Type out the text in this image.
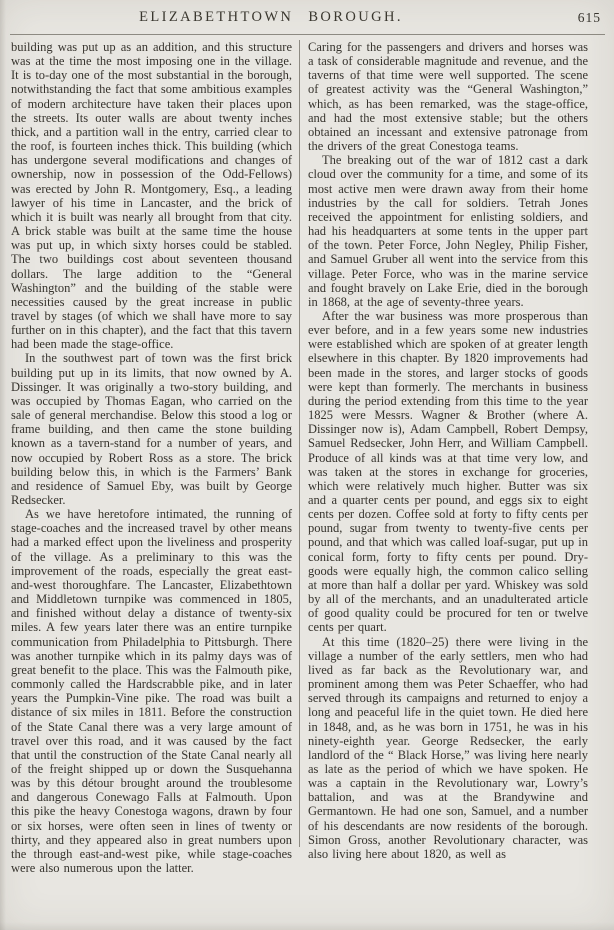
ELIZABETHTOWN BOROUGH.	615

building was put up as an addition, and this structure was at the time the most imposing one in the village. It is to-day one of the most substantial in the borough, notwithstanding the fact that some ambitious examples of modern architecture have taken their places upon the streets. Its outer walls are about twenty inches thick, and a partition wall in the entry, carried clear to the roof, is fourteen inches thick. This building (which has undergone several modifications and changes of ownership, now in possession of the Odd-Fellows) was erected by John R. Montgomery, Esq., a leading lawyer of his time in Lancaster, and the brick of which it is built was nearly all brought from that city. A brick stable was built at the same time the house was put up, in which sixty horses could be stabled. The two buildings cost about seventeen thousand dollars. The large addition to the “General Washington” and the building of the stable were necessities caused by the great increase in public travel by stages (of which we shall have more to say further on in this chapter), and the fact that this tavern had been made the stage-office.

In the southwest part of town was the first brick building put up in its limits, that now owned by A. Dissinger. It was originally a two-story building, and was occupied by Thomas Eagan, who carried on the sale of general merchandise. Below this stood a log or frame building, and then came the stone building known as a tavern-stand for a number of years, and now occupied by Robert Ross as a store. The brick building below this, in which is the Farmers’ Bank and residence of Samuel Eby, was built by George Redsecker.

As we have heretofore intimated, the running of stage-coaches and the increased travel by other means had a marked effect upon the liveliness and prosperity of the village. As a preliminary to this was the improvement of the roads, especially the great east-and-west thoroughfare. The Lancaster, Elizabethtown and Middletown turnpike was commenced in 1805, and finished without delay a distance of twenty-six miles. A few years later there was an entire turnpike communication from Philadelphia to Pittsburgh. There was another turnpike which in its palmy days was of great benefit to the place. This was the Falmouth pike, commonly called the Hardscrabble pike, and in later years the Pumpkin-Vine pike. The road was built a distance of six miles in 1811. Before the construction of the State Canal there was a very large amount of travel over this road, and it was caused by the fact that until the construction of the State Canal nearly all of the freight shipped up or down the Susquehanna was by this détour brought around the troublesome and dangerous Conewago Falls at Falmouth. Upon this pike the heavy Conestoga wagons, drawn by four or six horses, were often seen in lines of twenty or thirty, and they appeared also in great numbers upon the through east-and-west pike, while stage-coaches were also numerous upon the latter.

Caring for the passengers and drivers and horses was a task of considerable magnitude and revenue, and the taverns of that time were well supported. The scene of greatest activity was the “General Washington,” which, as has been remarked, was the stage-office, and had the most extensive stable; but the others obtained an incessant and extensive patronage from the drivers of the great Conestoga teams.

The breaking out of the war of 1812 cast a dark cloud over the community for a time, and some of its most active men were drawn away from their home industries by the call for soldiers. Tetrah Jones received the appointment for enlisting soldiers, and had his headquarters at some tents in the upper part of the town. Peter Force, John Negley, Philip Fisher, and Samuel Gruber all went into the service from this village. Peter Force, who was in the marine service and fought bravely on Lake Erie, died in the borough in 1868, at the age of seventy-three years.

After the war business was more prosperous than ever before, and in a few years some new industries were established which are spoken of at greater length elsewhere in this chapter. By 1820 improvements had been made in the stores, and larger stocks of goods were kept than formerly. The merchants in business during the period extending from this time to the year 1825 were Messrs. Wagner & Brother (where A. Dissinger now is), Adam Campbell, Robert Dempsy, Samuel Redsecker, John Herr, and William Campbell. Produce of all kinds was at that time very low, and was taken at the stores in exchange for groceries, which were relatively much higher. Butter was six and a quarter cents per pound, and eggs six to eight cents per dozen. Coffee sold at forty to fifty cents per pound, sugar from twenty to twenty-five cents per pound, and that which was called loaf-sugar, put up in conical form, forty to fifty cents per pound. Dry-goods were equally high, the common calico selling at more than half a dollar per yard. Whiskey was sold by all of the merchants, and an unadulterated article of good quality could be procured for ten or twelve cents per quart.

At this time (1820–25) there were living in the village a number of the early settlers, men who had lived as far back as the Revolutionary war, and prominent among them was Peter Schaeffer, who had served through its campaigns and returned to enjoy a long and peaceful life in the quiet town. He died here in 1848, and, as he was born in 1751, he was in his ninety-eighth year. George Redsecker, the early landlord of the “ Black Horse,” was living here nearly as late as the period of which we have spoken. He was a captain in the Revolutionary war, Lowry’s battalion, and was at the Brandywine and Germantown. He had one son, Samuel, and a number of his descendants are now residents of the borough. Simon Gross, another Revolutionary character, was also living here about 1820, as well as
